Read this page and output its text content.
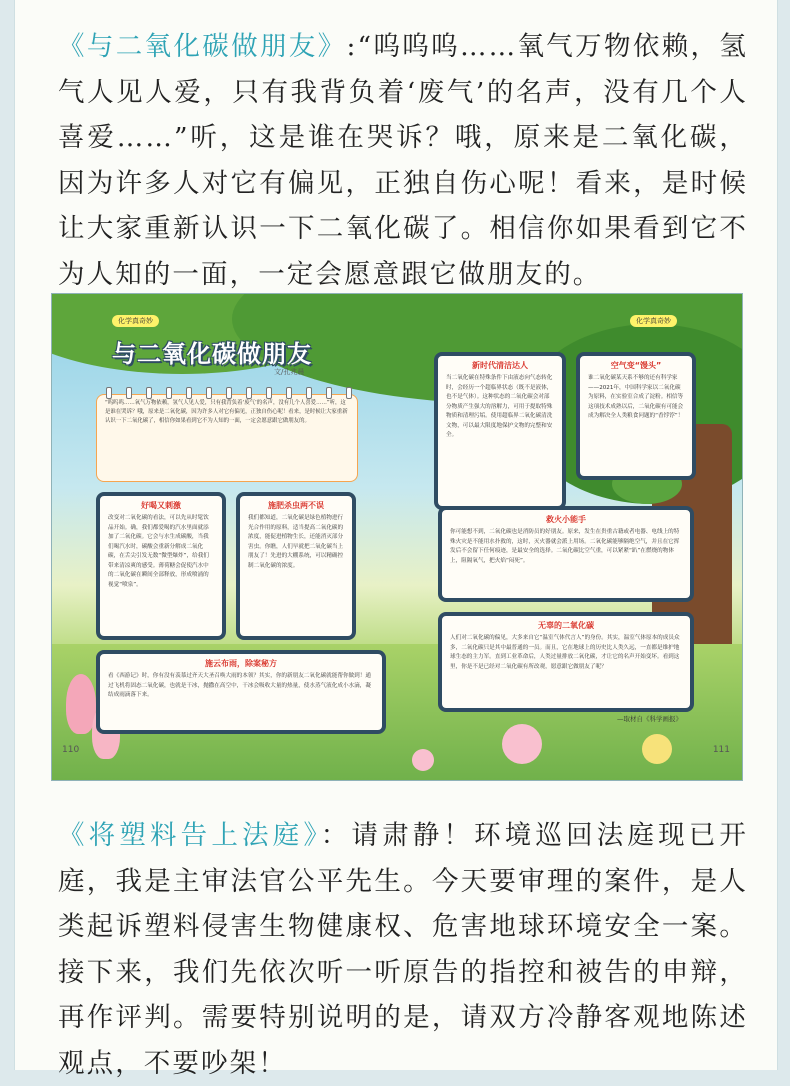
《与二氧化碳做朋友》:“呜呜呜……氧气万物依赖，氢气人见人爱，只有我背负着‘废气’的名声，没有几个人喜爱……”听，这是谁在哭诉？哦，原来是二氧化碳，因为许多人对它有偏见，正独自伤心呢！看来，是时候让大家重新认识一下二氧化碳了。相信你如果看到它不为人知的一面，一定会愿意跟它做朋友的。

化学真奇妙	化学真奇妙
与二氧化碳做朋友
文/孔兆晨

“呜呜呜……氧气万物依赖，氢气人见人爱，只有我背负着‘废气’的名声，没有几个人喜爱……”听，这是谁在哭诉？哦，原来是二氧化碳，因为许多人对它有偏见，正独自伤心呢！看来，是时候让大家重新认识一下二氧化碳了，相信你如果看到它不为人知的一面，一定会愿意跟它做朋友的。

好喝又刺激

改变对二氧化碳的看法，可以先从时髦饮品开始。确，我们都爱喝的汽水里面就添加了二氧化碳。它会与水生成碳酸，当我们喝汽水时，碳酸会重新分解成二氧化碳，在舌尖引发无数“微型爆炸”，给我们带来清凉爽的感受。薄荷糖会促使汽水中的二氧化碳在瞬间全部释放，形成喷涌的视觉“喷泉”。

施肥杀虫两不误

我们都知道，二氧化碳是绿色植物进行光合作用的原料，适当提高二氧化碳的浓度，能促进植物生长，还能消灭部分害虫。你瞧，人们早就把二氧化碳当上朋友了！先进的大棚系统，可以精确控制二氧化碳的浓度。

新时代清洁达人

当二氧化碳在特殊条件下由液态向气态转化时，会经历一个超临界状态（既不是液体，也不是气体）。这种状态的二氧化碳会对部分物质产生强大的溶解力，可用于提取特殊物质和清理污垢。使用超临界二氧化碳清洗文物，可以最大限度地保护文物的完整和安全。

空气变“馒头”

谁二氧化碳某天系不够的还有科学家——2021年，中国科学家以二氧化碳为原料，在实验室合成了淀粉。相信等这项技术成熟以后，二氧化碳有可能会成为解决全人类粮食问题的“香饽饽”！

救火小能手

你可能想不到，二氧化碳也是消防员的好朋友。原来，发生在贵重古籍或者电器、电线上的特殊火灾是不能用水扑救的，这时，灭火器就会派上用场。二氧化碳能够隔绝空气，并且在它挥发后不会留下任何痕迹，是最安全的选择。二氧化碳比空气重，可以紧紧“趴”在燃烧的物体上，阻隔氧气，把火焰“闷死”。

无辜的二氧化碳

人们对二氧化碳的偏见，大多来自它“温室气体代言人”的身份。其实，温室气体原本的成员众多，二氧化碳只是其中最普通的一员。而且，它在地球上的历史比人类久远，一直都是维护地球生态的主力军。直到工业革命后，人类过量排放二氧化碳，才让它的名声开始变坏。看到这里，你是不是已经对二氧化碳有所改观，愿意跟它做朋友了呢？

施云布雨，除案秘方

看《西游记》时，你有没有羡慕过齐天大圣召唤大雨的本领？其实，你的新朋友二氧化碳就能帮你做到！通过飞机将固态二氧化碳，也就是干冰，抛撒在高空中，干冰会吸收大量的热量，使水蒸气液化成小水滴，凝结成雨滴落下来。

—取材自《科学画报》
110	111

《将塑料告上法庭》：请肃静！环境巡回法庭现已开庭，我是主审法官公平先生。今天要审理的案件，是人类起诉塑料侵害生物健康权、危害地球环境安全一案。接下来，我们先依次听一听原告的指控和被告的申辩，再作评判。需要特别说明的是，请双方冷静客观地陈述观点，不要吵架！
